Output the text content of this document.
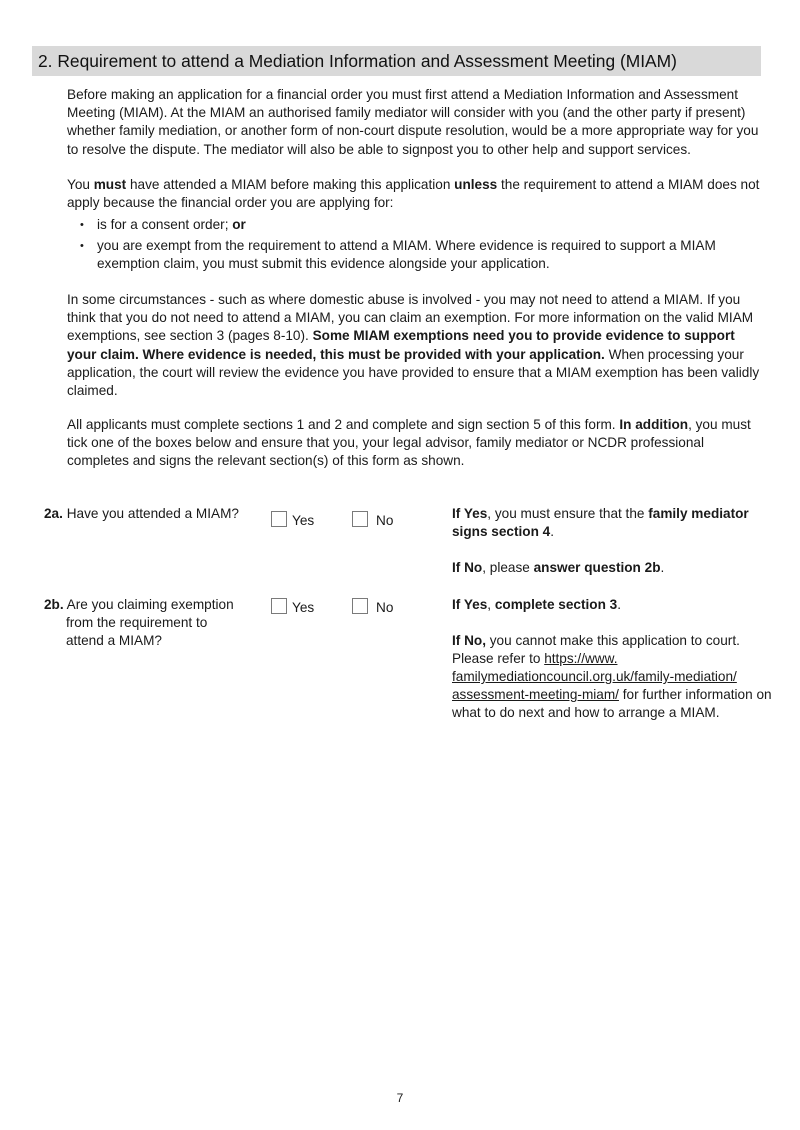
2. Requirement to attend a Mediation Information and Assessment Meeting (MIAM)

Before making an application for a financial order you must first attend a Mediation Information and Assessment Meeting (MIAM). At the MIAM an authorised family mediator will consider with you (and the other party if present) whether family mediation, or another form of non-court dispute resolution, would be a more appropriate way for you to resolve the dispute. The mediator will also be able to signpost you to other help and support services.

You must have attended a MIAM before making this application unless the requirement to attend a MIAM does not apply because the financial order you are applying for:

• is for a consent order; or
• you are exempt from the requirement to attend a MIAM. Where evidence is required to support a MIAM exemption claim, you must submit this evidence alongside your application.

In some circumstances - such as where domestic abuse is involved - you may not need to attend a MIAM. If you think that you do not need to attend a MIAM, you can claim an exemption. For more information on the valid MIAM exemptions, see section 3 (pages 8-10). Some MIAM exemptions need you to provide evidence to support your claim. Where evidence is needed, this must be provided with your application. When processing your application, the court will review the evidence you have provided to ensure that a MIAM exemption has been validly claimed.

All applicants must complete sections 1 and 2 and complete and sign section 5 of this form. In addition, you must tick one of the boxes below and ensure that you, your legal advisor, family mediator or NCDR professional completes and signs the relevant section(s) of this form as shown.

2a. Have you attended a MIAM?	Yes	No	If Yes, you must ensure that the family mediator signs section 4.

If No, please answer question 2b.

2b. Are you claiming exemption
from the requirement to
attend a MIAM?
Yes	No	If Yes, complete section 3.

If No, you cannot make this application to court. Please refer to https://www.
familymediationcouncil.org.uk/family-mediation/
assessment-meeting-miam/ for further information on what to do next and how to arrange a MIAM.

7
